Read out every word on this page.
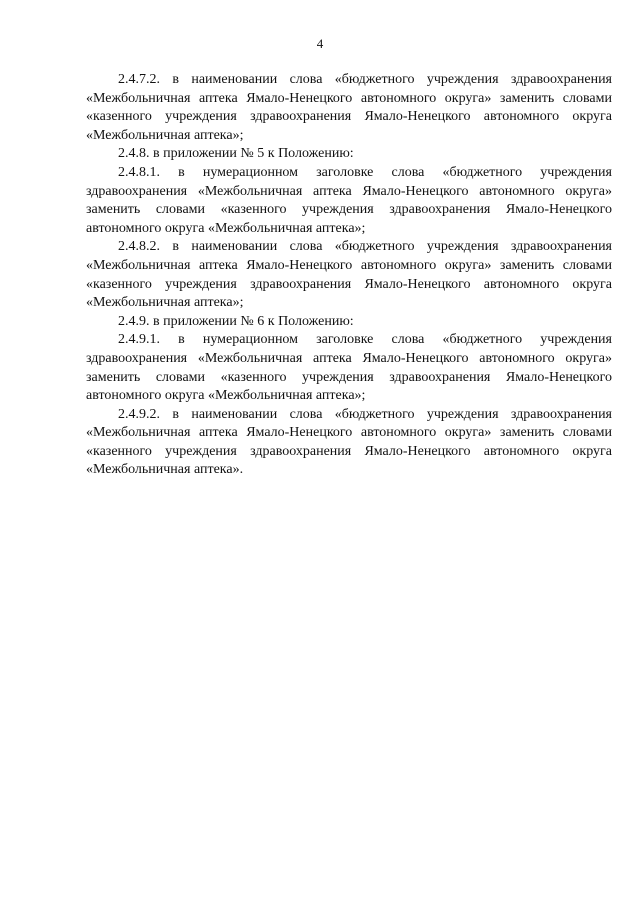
4

2.4.7.2. в наименовании слова «бюджетного учреждения здравоохранения «Межбольничная аптека Ямало-Ненецкого автономного округа» заменить словами «казенного учреждения здравоохранения Ямало-Ненецкого автономного округа «Межбольничная аптека»;

2.4.8. в приложении № 5 к Положению:

2.4.8.1. в нумерационном заголовке слова «бюджетного учреждения здравоохранения «Межбольничная аптека Ямало-Ненецкого автономного округа» заменить словами «казенного учреждения здравоохранения Ямало-Ненецкого автономного округа «Межбольничная аптека»;

2.4.8.2. в наименовании слова «бюджетного учреждения здравоохранения «Межбольничная аптека Ямало-Ненецкого автономного округа» заменить словами «казенного учреждения здравоохранения Ямало-Ненецкого автономного округа «Межбольничная аптека»;

2.4.9. в приложении № 6 к Положению:

2.4.9.1. в нумерационном заголовке слова «бюджетного учреждения здравоохранения «Межбольничная аптека Ямало-Ненецкого автономного округа» заменить словами «казенного учреждения здравоохранения Ямало-Ненецкого автономного округа «Межбольничная аптека»;

2.4.9.2. в наименовании слова «бюджетного учреждения здравоохранения «Межбольничная аптека Ямало-Ненецкого автономного округа» заменить словами «казенного учреждения здравоохранения Ямало-Ненецкого автономного округа «Межбольничная аптека».
